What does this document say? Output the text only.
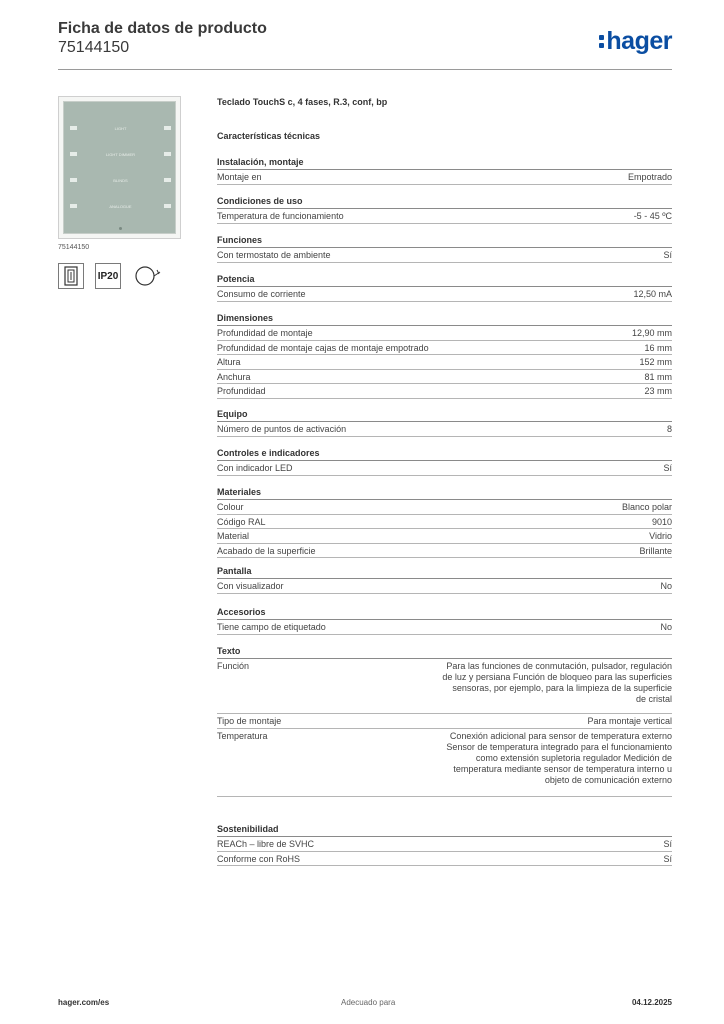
Ficha de datos de producto
75144150	hager
LIGHT
LIGHT DIMMER
BLINDS
ANALOGUE
75144150
IP20
Teclado TouchS c, 4 fases, R.3, conf, bp
Características técnicas
Instalación, montaje
Montaje en	Empotrado
Condiciones de uso
Temperatura de funcionamiento	-5 - 45 ºC
Funciones
Con termostato de ambiente	Sí
Potencia
Consumo de corriente	12,50 mA
Dimensiones
Profundidad de montaje	12,90 mm
Profundidad de montaje cajas de montaje empotrado	16 mm
Altura	152 mm
Anchura	81 mm
Profundidad	23 mm
Equipo
Número de puntos de activación	8
Controles e indicadores
Con indicador LED	Sí
Materiales
Colour	Blanco polar
Código RAL	9010
Material	Vidrio
Acabado de la superficie	Brillante
Pantalla
Con visualizador	No
Accesorios
Tiene campo de etiquetado	No
Texto
Función	Para las funciones de conmutación, pulsador, regulación de luz y persiana Función de bloqueo para las superficies sensoras, por ejemplo, para la limpieza de la superficie de cristal
Tipo de montaje	Para montaje vertical
Temperatura	Conexión adicional para sensor de temperatura externo Sensor de temperatura integrado para el funcionamiento como extensión supletoria regulador Medición de temperatura mediante sensor de temperatura interno u objeto de comunicación externo
Sostenibilidad
REACh – libre de SVHC	Sí
Conforme con RoHS	Sí
hager.com/es	Adecuado para	04.12.2025
